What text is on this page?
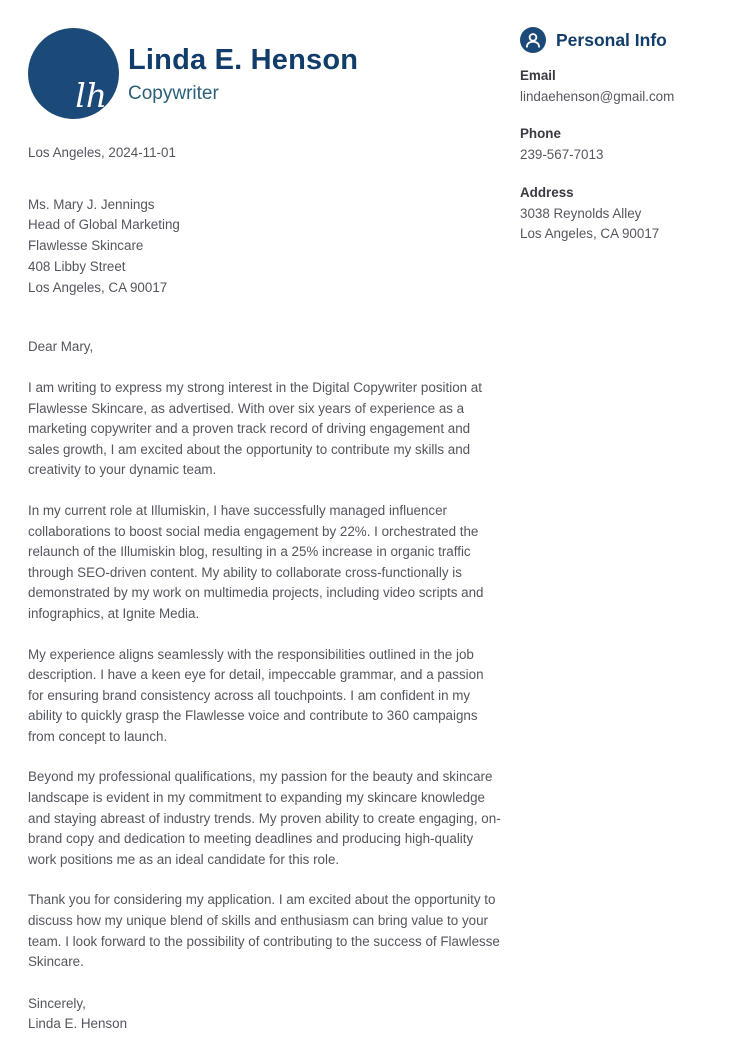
lh
Linda E. Henson
Copywriter
Los Angeles, 2024-11-01
Ms. Mary J. Jennings
Head of Global Marketing
Flawlesse Skincare
408 Libby Street
Los Angeles, CA 90017
Dear Mary,

I am writing to express my strong interest in the Digital Copywriter position at Flawlesse Skincare, as advertised. With over six years of experience as a marketing copywriter and a proven track record of driving engagement and sales growth, I am excited about the opportunity to contribute my skills and creativity to your dynamic team.

In my current role at Illumiskin, I have successfully managed influencer collaborations to boost social media engagement by 22%. I orchestrated the relaunch of the Illumiskin blog, resulting in a 25% increase in organic traffic through SEO-driven content. My ability to collaborate cross-functionally is demonstrated by my work on multimedia projects, including video scripts and infographics, at Ignite Media.

My experience aligns seamlessly with the responsibilities outlined in the job description. I have a keen eye for detail, impeccable grammar, and a passion for ensuring brand consistency across all touchpoints. I am confident in my ability to quickly grasp the Flawlesse voice and contribute to 360 campaigns from concept to launch.

Beyond my professional qualifications, my passion for the beauty and skincare landscape is evident in my commitment to expanding my skincare knowledge and staying abreast of industry trends. My proven ability to create engaging, on-brand copy and dedication to meeting deadlines and producing high-quality work positions me as an ideal candidate for this role.

Thank you for considering my application. I am excited about the opportunity to discuss how my unique blend of skills and enthusiasm can bring value to your team. I look forward to the possibility of contributing to the success of Flawlesse Skincare.

Sincerely,
Linda E. Henson
Personal Info
Email
lindaehenson@gmail.com
Phone
239-567-7013
Address
3038 Reynolds Alley
Los Angeles, CA 90017
